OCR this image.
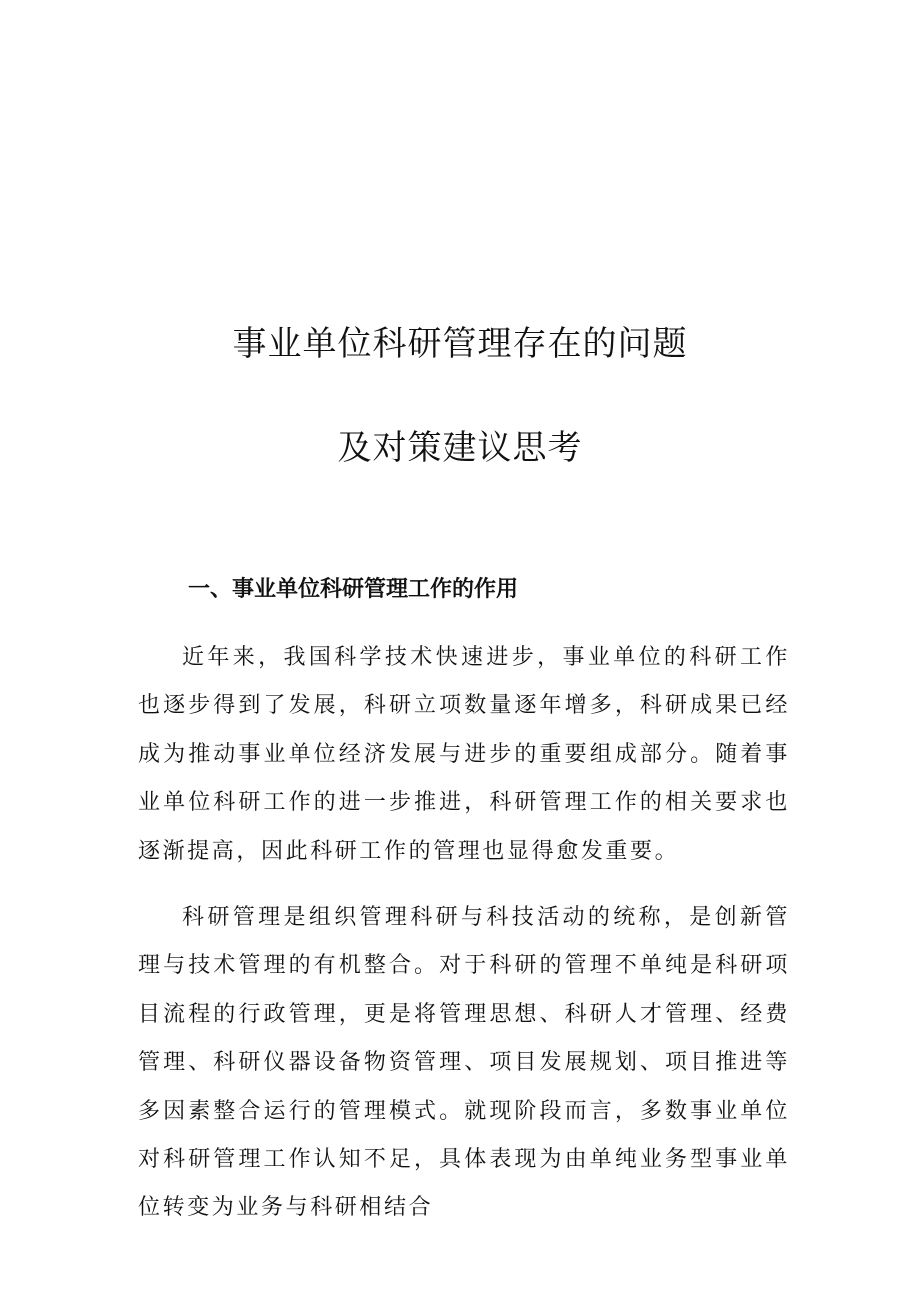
事业单位科研管理存在的问题
及对策建议思考
一、事业单位科研管理工作的作用

近年来，我国科学技术快速进步，事业单位的科研工作也逐步得到了发展，科研立项数量逐年增多，科研成果已经成为推动事业单位经济发展与进步的重要组成部分。随着事业单位科研工作的进一步推进，科研管理工作的相关要求也逐渐提高，因此科研工作的管理也显得愈发重要。

科研管理是组织管理科研与科技活动的统称，是创新管理与技术管理的有机整合。对于科研的管理不单纯是科研项目流程的行政管理，更是将管理思想、科研人才管理、经费管理、科研仪器设备物资管理、项目发展规划、项目推进等多因素整合运行的管理模式。就现阶段而言，多数事业单位对科研管理工作认知不足，具体表现为由单纯业务型事业单位转变为业务与科研相结合
